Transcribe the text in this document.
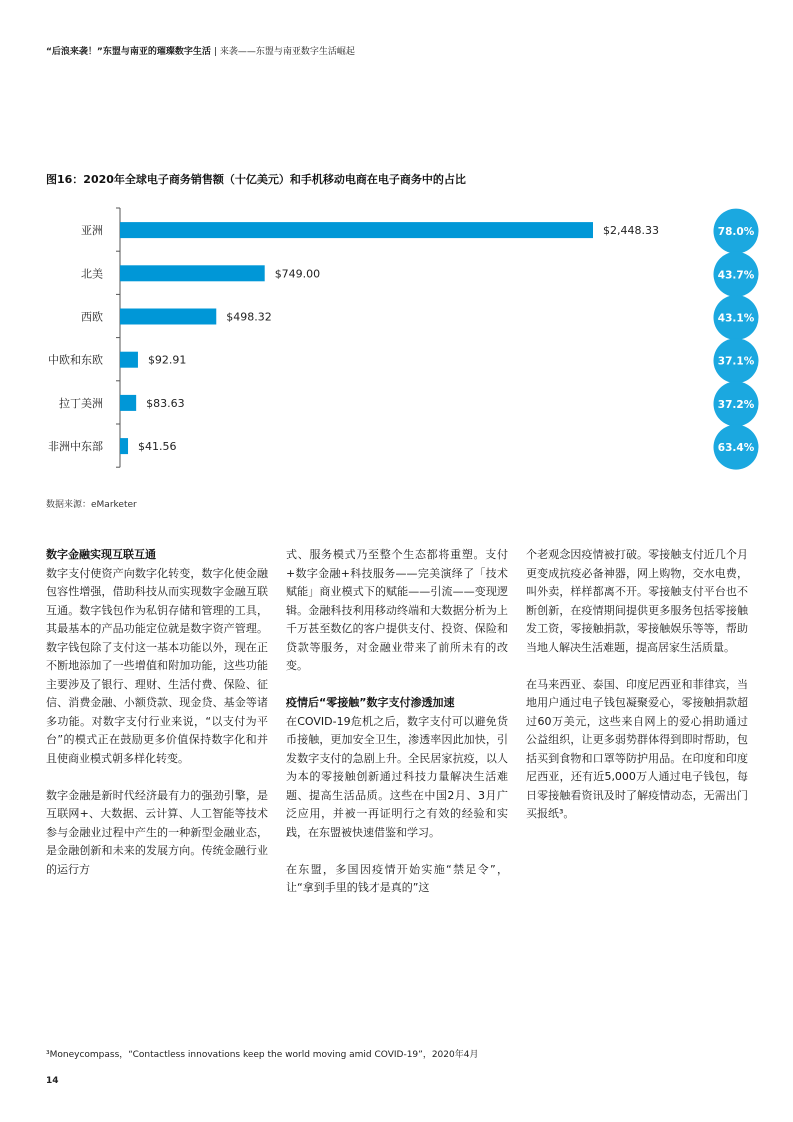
“后浪来袭！”东盟与南亚的璀璨数字生活 | 来袭——东盟与南亚数字生活崛起
图16：2020年全球电子商务销售额（十亿美元）和手机移动电商在电子商务中的占比
亚洲	$2,448.33	78.0%
北美	$749.00	43.7%
西欧	$498.32	43.1%
中欧和东欧	$92.91	37.1%
拉丁美洲	$83.63	37.2%
非洲中东部	$41.56	63.4%
数据来源：eMarketer
数字金融实现互联互通

数字支付使资产向数字化转变，数字化使金融包容性增强，借助科技从而实现数字金融互联互通。数字钱包作为私钥存储和管理的工具，其最基本的产品功能定位就是数字资产管理。数字钱包除了支付这一基本功能以外，现在正不断地添加了一些增值和附加功能，这些功能主要涉及了银行、理财、生活付费、保险、征信、消费金融、小额贷款、现金贷、基金等诸多功能。对数字支付行业来说，“以支付为平台”的模式正在鼓励更多价值保持数字化和并且使商业模式朝多样化转变。

数字金融是新时代经济最有力的强劲引擎，是互联网+、大数据、云计算、人工智能等技术参与金融业过程中产生的一种新型金融业态，是金融创新和未来的发展方向。传统金融行业的运行方

式、服务模式乃至整个生态都将重塑。支付+数字金融+科技服务——完美演绎了「技术赋能」商业模式下的赋能——引流——变现逻辑。金融科技利用移动终端和大数据分析为上千万甚至数亿的客户提供支付、投资、保险和贷款等服务，对金融业带来了前所未有的改变。

疫情后“零接触”数字支付渗透加速

在COVID-19危机之后，数字支付可以避免货币接触，更加安全卫生，渗透率因此加快，引发数字支付的急剧上升。全民居家抗疫，以人为本的零接触创新通过科技力量解决生活难题、提高生活品质。这些在中国2月、3月广泛应用，并被一再证明行之有效的经验和实践，在东盟被快速借鉴和学习。

在东盟，多国因疫情开始实施“禁足令”，让“拿到手里的钱才是真的”这

个老观念因疫情被打破。零接触支付近几个月更变成抗疫必备神器，网上购物，交水电费，叫外卖，样样都离不开。零接触支付平台也不断创新，在疫情期间提供更多服务包括零接触发工资，零接触捐款，零接触娱乐等等，帮助当地人解决生活难题，提高居家生活质量。

在马来西亚、泰国、印度尼西亚和菲律宾，当地用户通过电子钱包凝聚爱心，零接触捐款超过60万美元，这些来自网上的爱心捐助通过公益组织，让更多弱势群体得到即时帮助，包括买到食物和口罩等防护用品。在印度和印度尼西亚，还有近5,000万人通过电子钱包，每日零接触看资讯及时了解疫情动态，无需出门买报纸³。

³Moneycompass，“Contactless innovations keep the world moving amid COVID-19”，2020年4月
14
